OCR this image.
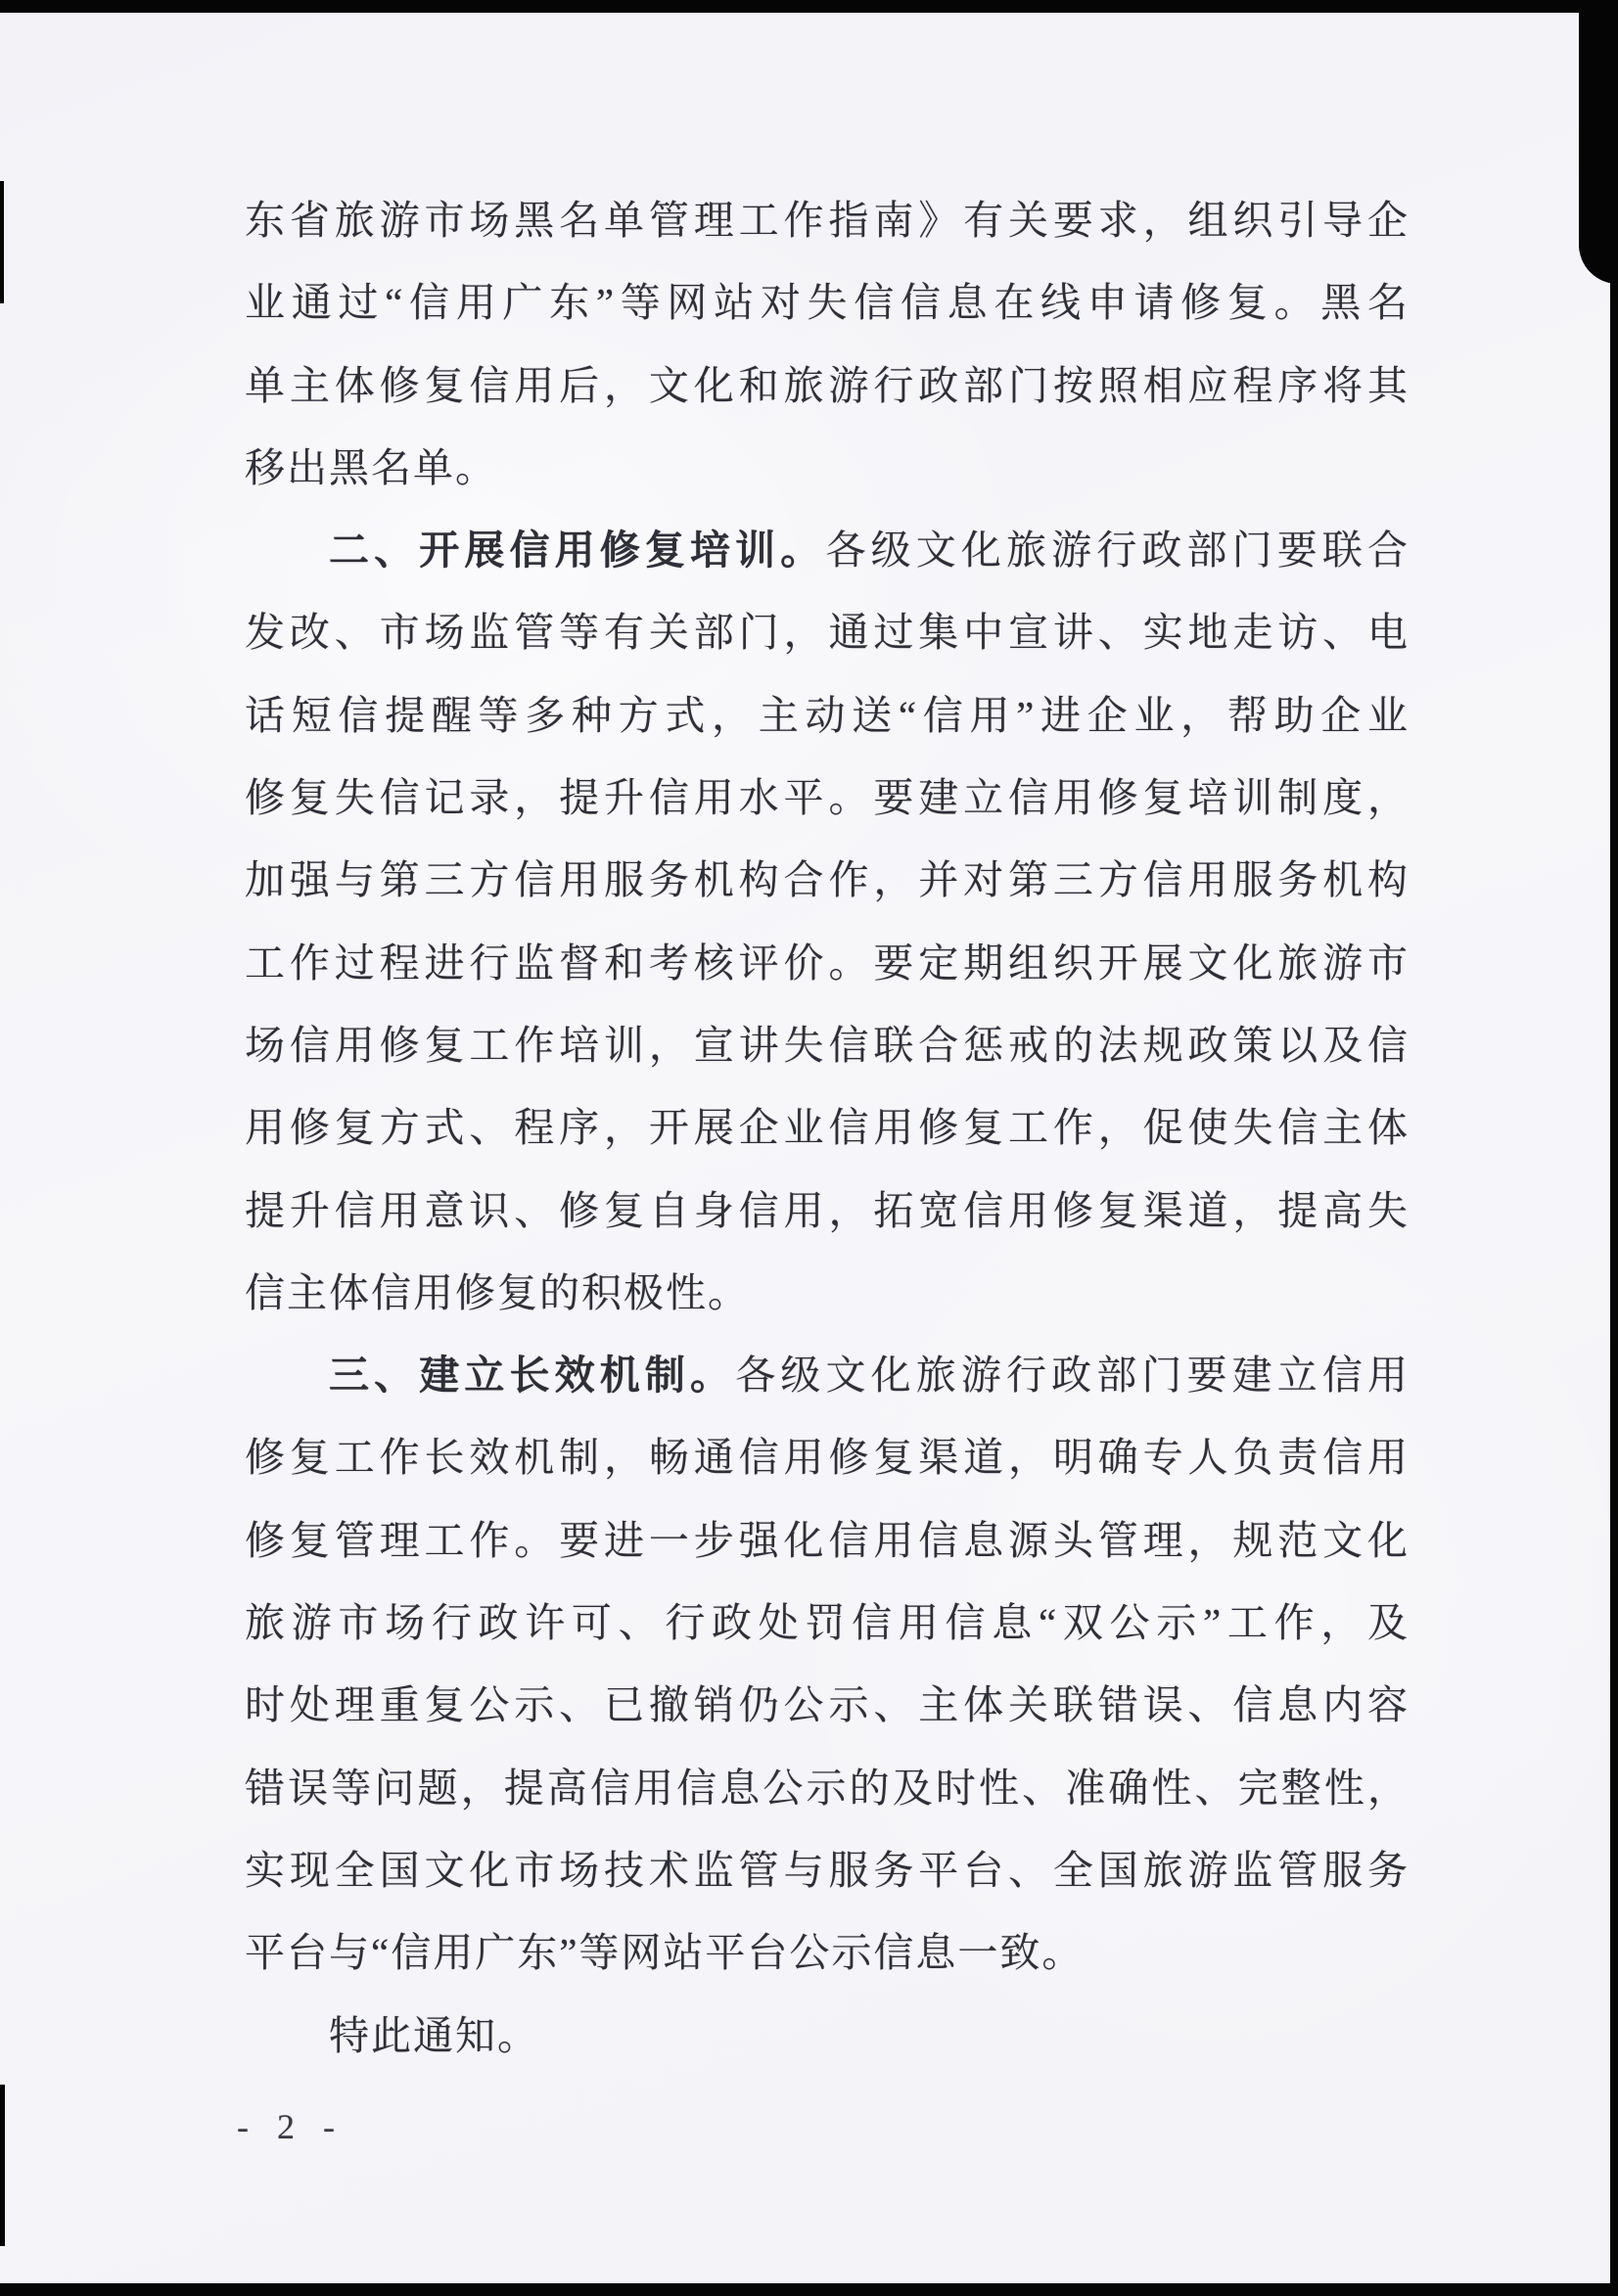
东省旅游市场黑名单管理工作指南》有关要求，组织引导企
业通过“信用广东”等网站对失信信息在线申请修复。黑名
单主体修复信用后，文化和旅游行政部门按照相应程序将其
移出黑名单。
二、开展信用修复培训。各级文化旅游行政部门要联合
发改、市场监管等有关部门，通过集中宣讲、实地走访、电
话短信提醒等多种方式，主动送“信用”进企业，帮助企业
修复失信记录，提升信用水平。要建立信用修复培训制度，
加强与第三方信用服务机构合作，并对第三方信用服务机构
工作过程进行监督和考核评价。要定期组织开展文化旅游市
场信用修复工作培训，宣讲失信联合惩戒的法规政策以及信
用修复方式、程序，开展企业信用修复工作，促使失信主体
提升信用意识、修复自身信用，拓宽信用修复渠道，提高失
信主体信用修复的积极性。
三、建立长效机制。各级文化旅游行政部门要建立信用
修复工作长效机制，畅通信用修复渠道，明确专人负责信用
修复管理工作。要进一步强化信用信息源头管理，规范文化
旅游市场行政许可、行政处罚信用信息“双公示”工作，及
时处理重复公示、已撤销仍公示、主体关联错误、信息内容
错误等问题，提高信用信息公示的及时性、准确性、完整性，
实现全国文化市场技术监管与服务平台、全国旅游监管服务
平台与“信用广东”等网站平台公示信息一致。
特此通知。
- 2 -
